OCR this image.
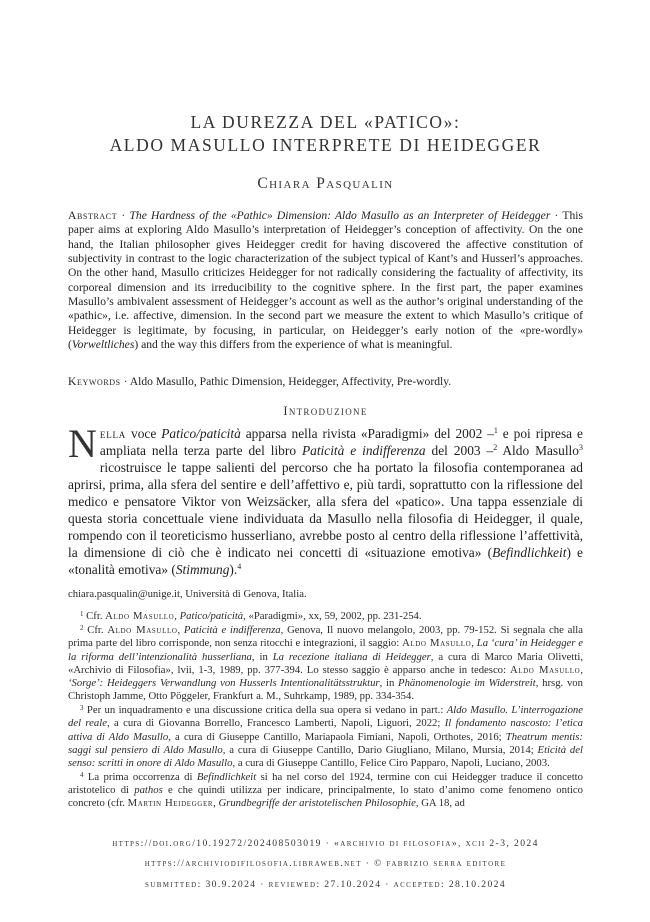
LA DUREZZA DEL «PATICO»:
ALDO MASULLO INTERPRETE DI HEIDEGGER
Chiara Pasqualin
Abstract · The Hardness of the «Pathic» Dimension: Aldo Masullo as an Interpreter of Heidegger · This paper aims at exploring Aldo Masullo’s interpretation of Heidegger’s conception of affectivity. On the one hand, the Italian philosopher gives Heidegger credit for having discovered the affective constitution of subjectivity in contrast to the logic characterization of the subject typical of Kant’s and Husserl’s approaches. On the other hand, Masullo criticizes Heidegger for not radically considering the factuality of affectivity, its corporeal dimension and its irreducibility to the cognitive sphere. In the first part, the paper examines Masullo’s ambivalent assessment of Heidegger’s account as well as the author’s original understanding of the «pathic», i.e. affective, dimension. In the second part we measure the extent to which Masullo’s critique of Heidegger is legitimate, by focusing, in particular, on Heidegger’s early notion of the «pre-wordly» (Vorweltliches) and the way this differs from the experience of what is meaningful.
Keywords · Aldo Masullo, Pathic Dimension, Heidegger, Affectivity, Pre-wordly.
Introduzione
Nella voce Patico/paticità apparsa nella rivista «Paradigmi» del 2002 –$^1$ e poi ripresa e ampliata nella terza parte del libro Paticità e indifferenza del 2003 –$^2$ Aldo Masullo$^3$ ricostruisce le tappe salienti del percorso che ha portato la filosofia contemporanea ad aprirsi, prima, alla sfera del sentire e dell’affettivo e, più tardi, soprattutto con la riflessione del medico e pensatore Viktor von Weizsäcker, alla sfera del «patico». Una tappa essenziale di questa storia concettuale viene individuata da Masullo nella filosofia di Heidegger, il quale, rompendo con il teoreticismo husserliano, avrebbe posto al centro della riflessione l’affettività, la dimensione di ciò che è indicato nei concetti di «situazione emotiva» (Befindlichkeit) e «tonalità emotiva» (Stimmung).$^4$
chiara.pasqualin@unige.it, Università di Genova, Italia.
$^1$ Cfr. Aldo Masullo, Patico/paticità, «Paradigmi», xx, 59, 2002, pp. 231-254.
$^2$ Cfr. Aldo Masullo, Paticità e indifferenza, Genova, Il nuovo melangolo, 2003, pp. 79-152. Si segnala che alla prima parte del libro corrisponde, non senza ritocchi e integrazioni, il saggio: Aldo Masullo, La ‘cura’ in Heidegger e la riforma dell’intenzionalità husserliana, in La recezione italiana di Heidegger, a cura di Marco Maria Olivetti, «Archivio di Filosofia», lvii, 1-3, 1989, pp. 377-394. Lo stesso saggio è apparso anche in tedesco: Aldo Masullo, ‘Sorge’: Heideggers Verwandlung von Husserls Intentionalitätsstruktur, in Phänomenologie im Widerstreit, hrsg. von Christoph Jamme, Otto Pöggeler, Frankfurt a. M., Suhrkamp, 1989, pp. 334-354.
$^3$ Per un inquadramento e una discussione critica della sua opera si vedano in part.: Aldo Masullo. L’interrogazione del reale, a cura di Giovanna Borrello, Francesco Lamberti, Napoli, Liguori, 2022; Il fondamento nascosto: l’etica attiva di Aldo Masullo, a cura di Giuseppe Cantillo, Mariapaola Fimiani, Napoli, Orthotes, 2016; Theatrum mentis: saggi sul pensiero di Aldo Masullo, a cura di Giuseppe Cantillo, Dario Giugliano, Milano, Mursia, 2014; Eticità del senso: scritti in onore di Aldo Masullo, a cura di Giuseppe Cantillo, Felice Ciro Papparo, Napoli, Luciano, 2003.
$^4$ La prima occorrenza di Befindlichkeit si ha nel corso del 1924, termine con cui Heidegger traduce il concetto aristotelico di pathos e che quindi utilizza per indicare, principalmente, lo stato d’animo come fenomeno ontico concreto (cfr. Martin Heidegger, Grundbegriffe der aristotelischen Philosophie, GA 18, ad
https://doi.org/10.19272/202408503019 · «archivio di filosofia», xcii 2-3, 2024
https://archiviodifilosofia.libraweb.net · © fabrizio serra editore
submitted: 30.9.2024 · reviewed: 27.10.2024 · accepted: 28.10.2024
